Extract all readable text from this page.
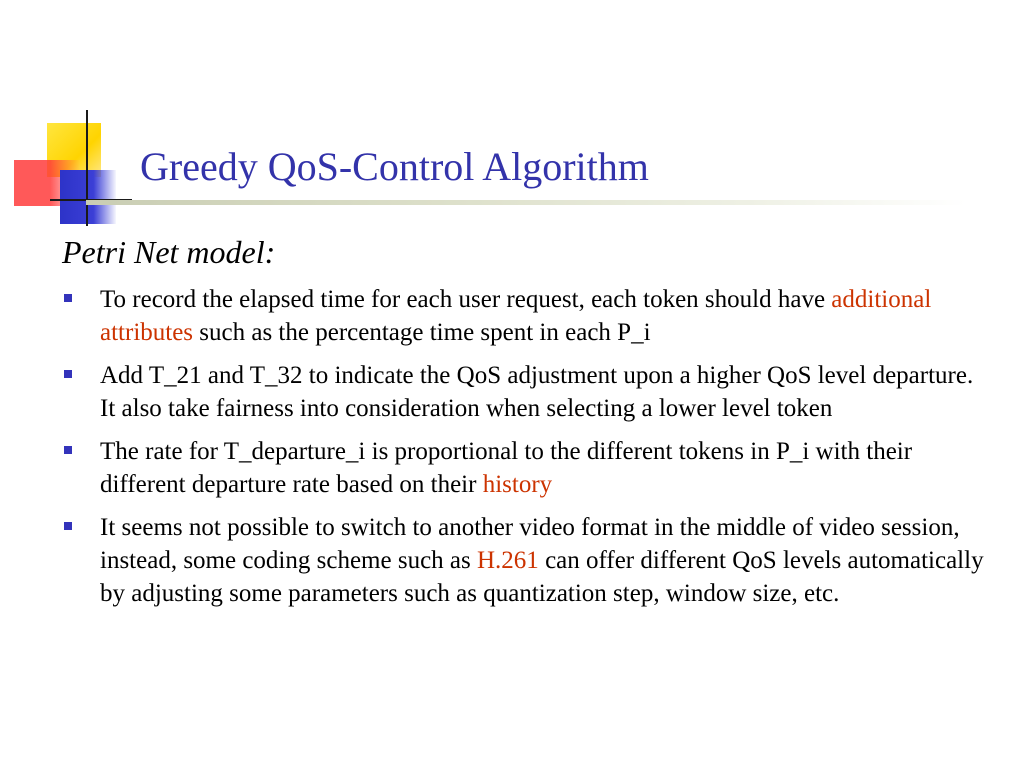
Greedy QoS-Control Algorithm
Petri Net model:
To record the elapsed time for each user request, each token should have additional attributes such as the percentage time spent in each P_i
Add T_21 and T_32 to indicate the QoS adjustment upon a higher QoS level departure. It also take fairness into consideration when selecting a lower level token
The rate for T_departure_i is proportional to the different tokens in P_i with their different departure rate based on their history
It seems not possible to switch to another video format in the middle of video session, instead, some coding scheme such as H.261 can offer different QoS levels automatically by adjusting some parameters such as quantization step, window size, etc.
